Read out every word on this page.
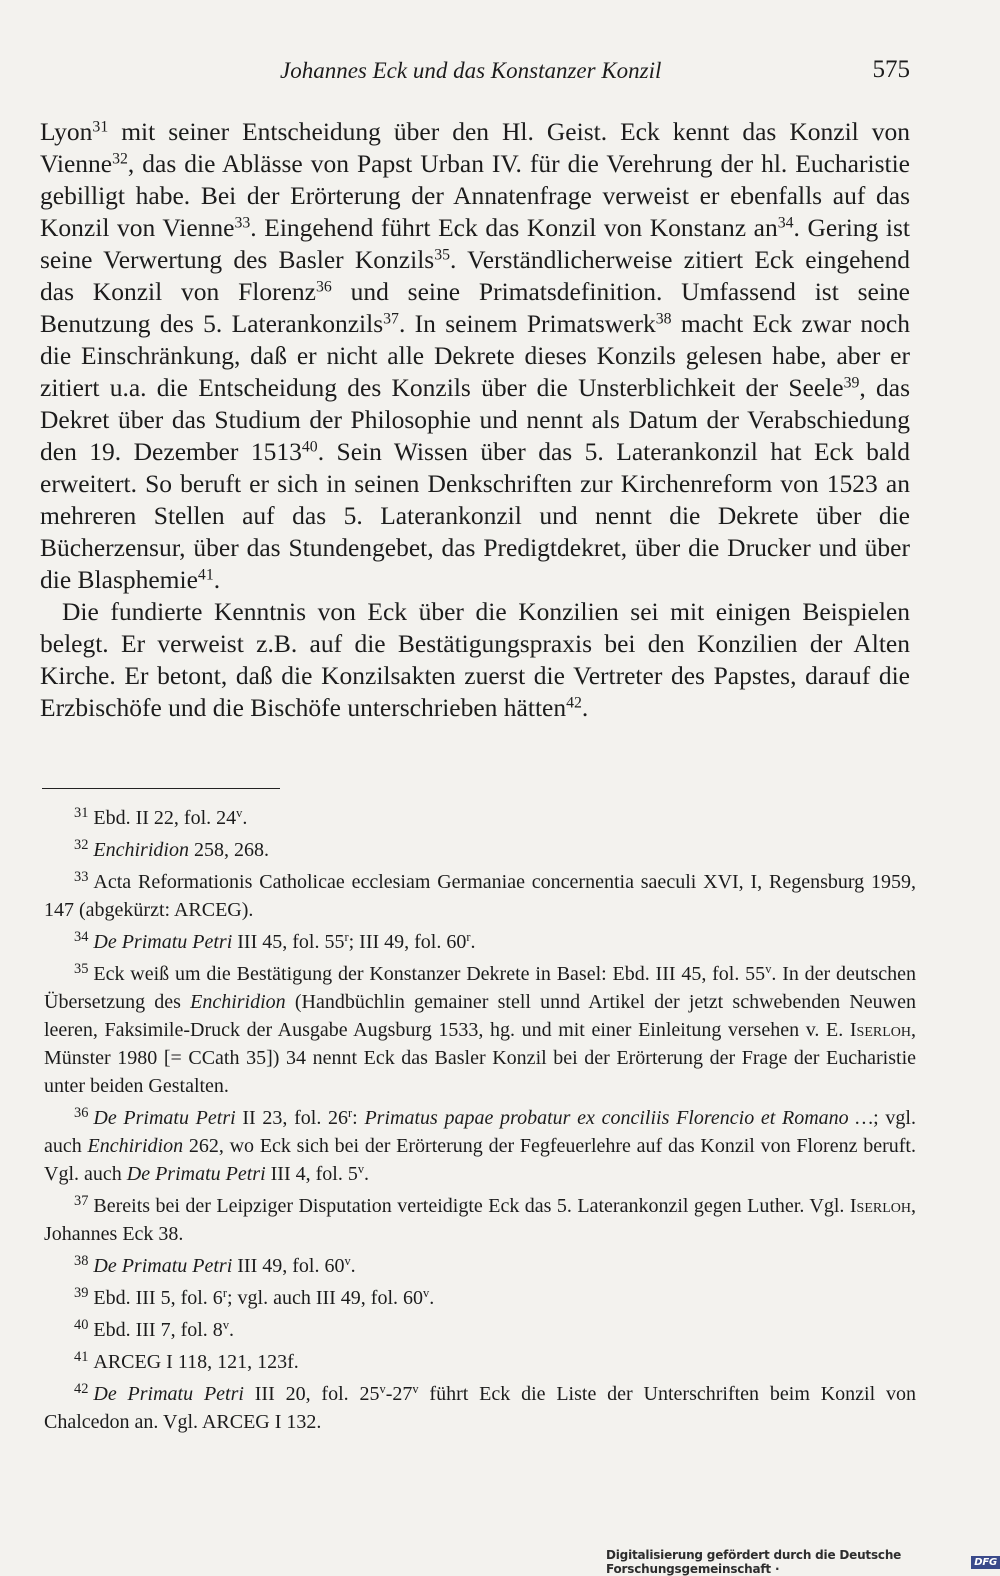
Johannes Eck und das Konstanzer Konzil	575

Lyon$^{31}$ mit seiner Entscheidung über den Hl. Geist. Eck kennt das Konzil von Vienne$^{32}$, das die Ablässe von Papst Urban IV. für die Verehrung der hl. Eucharistie gebilligt habe. Bei der Erörterung der Annatenfrage verweist er ebenfalls auf das Konzil von Vienne$^{33}$. Eingehend führt Eck das Konzil von Konstanz $an^{34}$. Gering ist seine Verwertung des Basler Konzils$^{35}$. Verständlicherweise zitiert Eck eingehend das Konzil von Florenz$^{36}$ und seine Primatsdefinition. Umfassend ist seine Benutzung des 5. Laterankonzils$^{37}$. In seinem Primatswerk$^{38}$ macht Eck zwar noch die Einschränkung, daß er nicht alle Dekrete dieses Konzils gelesen habe, aber er zitiert u.a. die Entscheidung des Konzils über die Unsterblichkeit der Seele$^{39}$, das Dekret über das Studium der Philosophie und nennt als Datum der Verabschiedung den 19. Dezember 1513$^{40}$. Sein Wissen über das 5. Laterankonzil hat Eck bald erweitert. So beruft er sich in seinen Denkschriften zur Kirchenreform von 1523 an mehreren Stellen auf das 5. Laterankonzil und nennt die Dekrete über die Bücherzensur, über das Stundengebet, das Predigtdekret, über die Drucker und über die Blasphemie$^{41}$.

Die fundierte Kenntnis von Eck über die Konzilien sei mit einigen Beispielen belegt. Er verweist z.B. auf die Bestätigungspraxis bei den Konzilien der Alten Kirche. Er betont, daß die Konzilsakten zuerst die Vertreter des Papstes, darauf die Erzbischöfe und die Bischöfe unterschrieben hätten$^{42}$.

$^{31}$ Ebd. II 22, fol. 24$^v$.

$^{32}$ Enchiridion 258, 268.

$^{33}$ Acta Reformationis Catholicae ecclesiam Germaniae concernentia saeculi XVI, I, Regensburg 1959, 147 (abgekürzt: ARCEG).

$^{34}$ De Primatu Petri III 45, fol. 55$^r$; III 49, fol. 60$^r$.

$^{35}$ Eck weiß um die Bestätigung der Konstanzer Dekrete in Basel: Ebd. III 45, fol. 55$^v$. In der deutschen Übersetzung des Enchiridion (Handbüchlin gemainer stell unnd Artikel der jetzt schwebenden Neuwen leeren, Faksimile-Druck der Ausgabe Augsburg 1533, hg. und mit einer Einleitung versehen v. E. Iserloh, Münster 1980 [= CCath 35]) 34 nennt Eck das Basler Konzil bei der Erörterung der Frage der Eucharistie unter beiden Gestalten.

$^{36}$ De Primatu Petri II 23, fol. 26$^r$: Primatus papae probatur ex conciliis Florencio et Romano …; vgl. auch Enchiridion 262, wo Eck sich bei der Erörterung der Fegfeuerlehre auf das Konzil von Florenz beruft. Vgl. auch De Primatu Petri III 4, fol. 5$^v$.

$^{37}$ Bereits bei der Leipziger Disputation verteidigte Eck das 5. Laterankonzil gegen Luther. Vgl. Iserloh, Johannes Eck 38.

$^{38}$ De Primatu Petri III 49, fol. 60$^v$.

$^{39}$ Ebd. III 5, fol. 6$^r$; vgl. auch III 49, fol. 60$^v$.

$^{40}$ Ebd. III 7, fol. 8$^v$.

$^{41}$ ARCEG I 118, 121, 123f.

$^{42}$ De Primatu Petri III 20, fol. 25$^v$-27$^v$ führt Eck die Liste der Unterschriften beim Konzil von Chalcedon an. Vgl. ARCEG I 132.

Digitalisierung gefördert durch die Deutsche Forschungsgemeinschaft ·	DFG
